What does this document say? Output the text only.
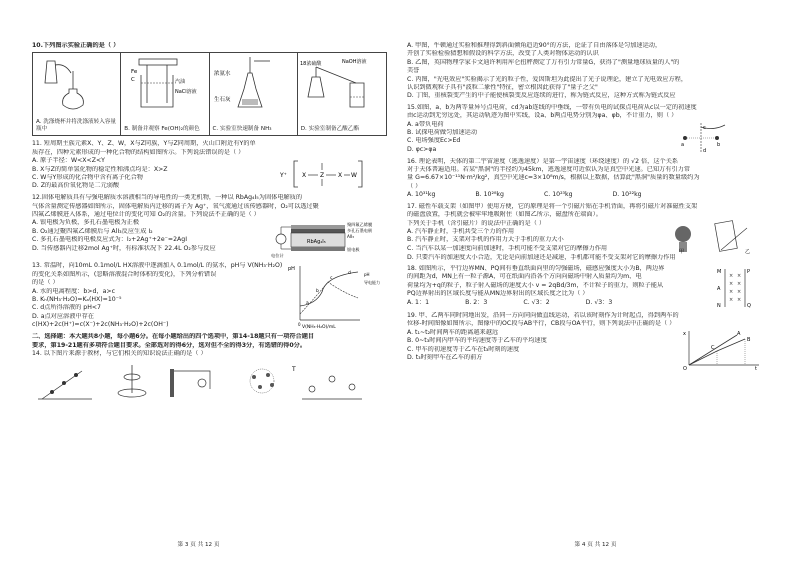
10.下列图示实验正确的是（ ）

A. 洗涤烧杯并将洗涤液转入容量瓶中
Fe
C	汽油
NaCl溶液
B. 制备并观察 Fe(OH)₂的颜色
浓氨水
生石灰
C. 实验室快速制备 NH₃
18浓硫酸	NaOH溶液
D. 实验室制备乙酸乙酯

11. 短周期主族元素X、Y、Z、W，X与Z同族，Y与Z同周期，火山口附近有Y的单

质存在，四种元素形成的一种化合物的结构如图所示。下列说法错误的是（ ）

A. 原子半径：W<X<Z<Y

B. X与Z的简单氢化物的稳定性和沸点均是：X>Z

C. W与Y形成的化合物中含有离子化合物

D. Z的最高价氧化物是二元弱酸

Y⁺	X Z X W

12.固体电解质具有与强电解质水溶液相当的导电性的一类无机物，一种以 RbAg₄I₅为固体电解质的

气体含量测定传感器如图所示，固体电解质内迁移的离子为 Ag⁺，氧气流通过该传感器时，O₂可以透过聚

四氟乙烯膜进入体系，通过电位计的变化可知 O₂的含量。下列说法不正确的是（ ）

A. 银电极为负极，多孔石墨电极为正极

B. O₂通过聚四氟乙烯膜后与 AlI₃反应生成 I₂

C. 多孔石墨电极的电极反应式为：I₂+2Ag⁺+2e⁻=2AgI

D. 当传感器内迁移2mol Ag⁺时，有标准状况下 22.4L O₂参与反应

RbAg₄I₅
聚四氟乙烯膜
多孔石墨电极
AlI₃
银电极
电位计

13. 常温时，向10mL 0.1mol/L HX溶液中逐滴加入 0.1mol/L 的氨水，pH与 V(NH₃·H₂O)

的变化关系如图所示，(忽略溶液混合时体积的变化)，下列分析错误

的是（ ）

A. 水的电离程度：b>d，a>c

B. Kₕ(NH₃·H₂O)=Kₐ(HX)=10⁻⁵

C. d点所得溶液的 pH<7

D. a点对应溶液中存在

c(HX)+2c(H⁺)=c(X⁻)+2c(NH₃·H₂O)+2c(OH⁻)

pH
V(NH₃·H₂O)/mL
0
a
b
c
d	pH
导电能力

二、选择题：本大题共8小题，每小题6分。在每小题给出的四个选项中，第14-18题只有一项符合题目

要求，第19-21题有多项符合题目要求。全部选对的得6分，选对但不全的得3分，有选错的得0分。

14. 以下图片来源于教材，与它们相关的知识说法正确的是（ ）

T
第 3 页 共 12 页

A. 甲图，牛顿通过实验和推理得到斜面倾角趋近90°的方法，论证了自由落体是匀加速运动，

开创了实验检验猜想和假设的科学方法，改变了人类对物体运动的认识

B. 乙图，英国物理学家卡文迪许利用库仑扭秤测定了万有引力常量G，获得了"测量地球质量的人"的

美誉

C. 丙图，"光电效应"实验揭示了光的粒子性，爱因斯坦为此提出了光子说理论，建立了光电效应方程，

认识到微观粒子具有"波粒二象性"特征，密立根因此获得了"量子之父"

D. 丁图，重核裂变产生的中子能使核裂变反应连续的进行，称为链式反应，这种方式称为链式反应

15.如图，a、b为两等量异号点电荷，cd为ab连线的中垂线，一带有负电的试探点电荷从c以一定的初速度

由c运动到无穷远处，其运动轨迹为图中实线，设a、b两点电势分别为φa、φb，不计重力，则（ ）

A. a带负电荷

B. 试探电荷做匀加速运动

C. 电场强度Ec>Ed

D. φc>φa

a	b
c
d

16. 理论表明，天体的第二宇宙速度（逃逸速度）是第一宇宙速度（环绕速度）的 √2 倍，这个关系

对于天体普遍适用。若某"黑洞"的半径约为45km，逃逸速度可近似认为是真空中光速。已知万有引力常

量 G=6.67×10⁻¹¹N·m²/kg²，真空中光速c=3×10⁸m/s，根据以上数据，估算此"黑洞"质量的数量级约为

（ ）

A. 10³¹kg	B. 10²⁸kg	C. 10²³kg	D. 10²²kg

17. 磁性车载支架（如图甲）使用方便，它的原理是将一个引磁片贴在手机背面，再将引磁片对准磁性支架

的磁盘放置，手机就会被牢牢地吸附住（如图乙所示，磁盘所在端面）。

下列关于手机（含引磁片）的说法中正确的是（ ）

A. 汽车静止时，手机共受三个力的作用

B. 汽车静止时，支架对手机的作用力大于手机的重力大小

C. 当汽车以某一加速度向前加速时，手机可能不受支架对它的摩擦力作用	甲	乙

D. 只要汽车的加速度大小合适，无论是向前加速还是减速，手机都可能不受支架对它的摩擦力作用

18. 如图所示，平行边界MN、PQ间有垂直纸面向里的匀强磁场，磁感应强度大小为B，两边界

的间距为d，MN上有一粒子源A，可在纸面内沿各个方向向磁场中射入质量均为m、电

荷量均为+q的粒子，粒子射入磁场的速度大小 v = 2qBd/3m，不计粒子的重力，则粒子能从

PQ边界射出的区域长度与能从MN边界射出的区域长度之比为（ ）

A. 1：1	B. 2：3	C. √3：2	D. √3：3

× ×
× ×
× ×
× ×
M
N
P
Q
A

19. 甲、乙两车同时同地出发，沿同一方向同向做直线运动，若以该时刻作为计时起点，得到两车的

位移-时间图像如图所示，图像中的OC段与AB平行，CB段与OA平行，则下列说法中正确的是（ ）

A. t₁~t₂时间两车的距离越来越远

B. 0~t₃时间内甲车的平均速度等于乙车的平均速度

C. 甲车的初速度等于乙车在t₃时刻的速度

D. t₃时刻甲车在乙车的前方

x
O	t
A
B
C
第 4 页 共 12 页
